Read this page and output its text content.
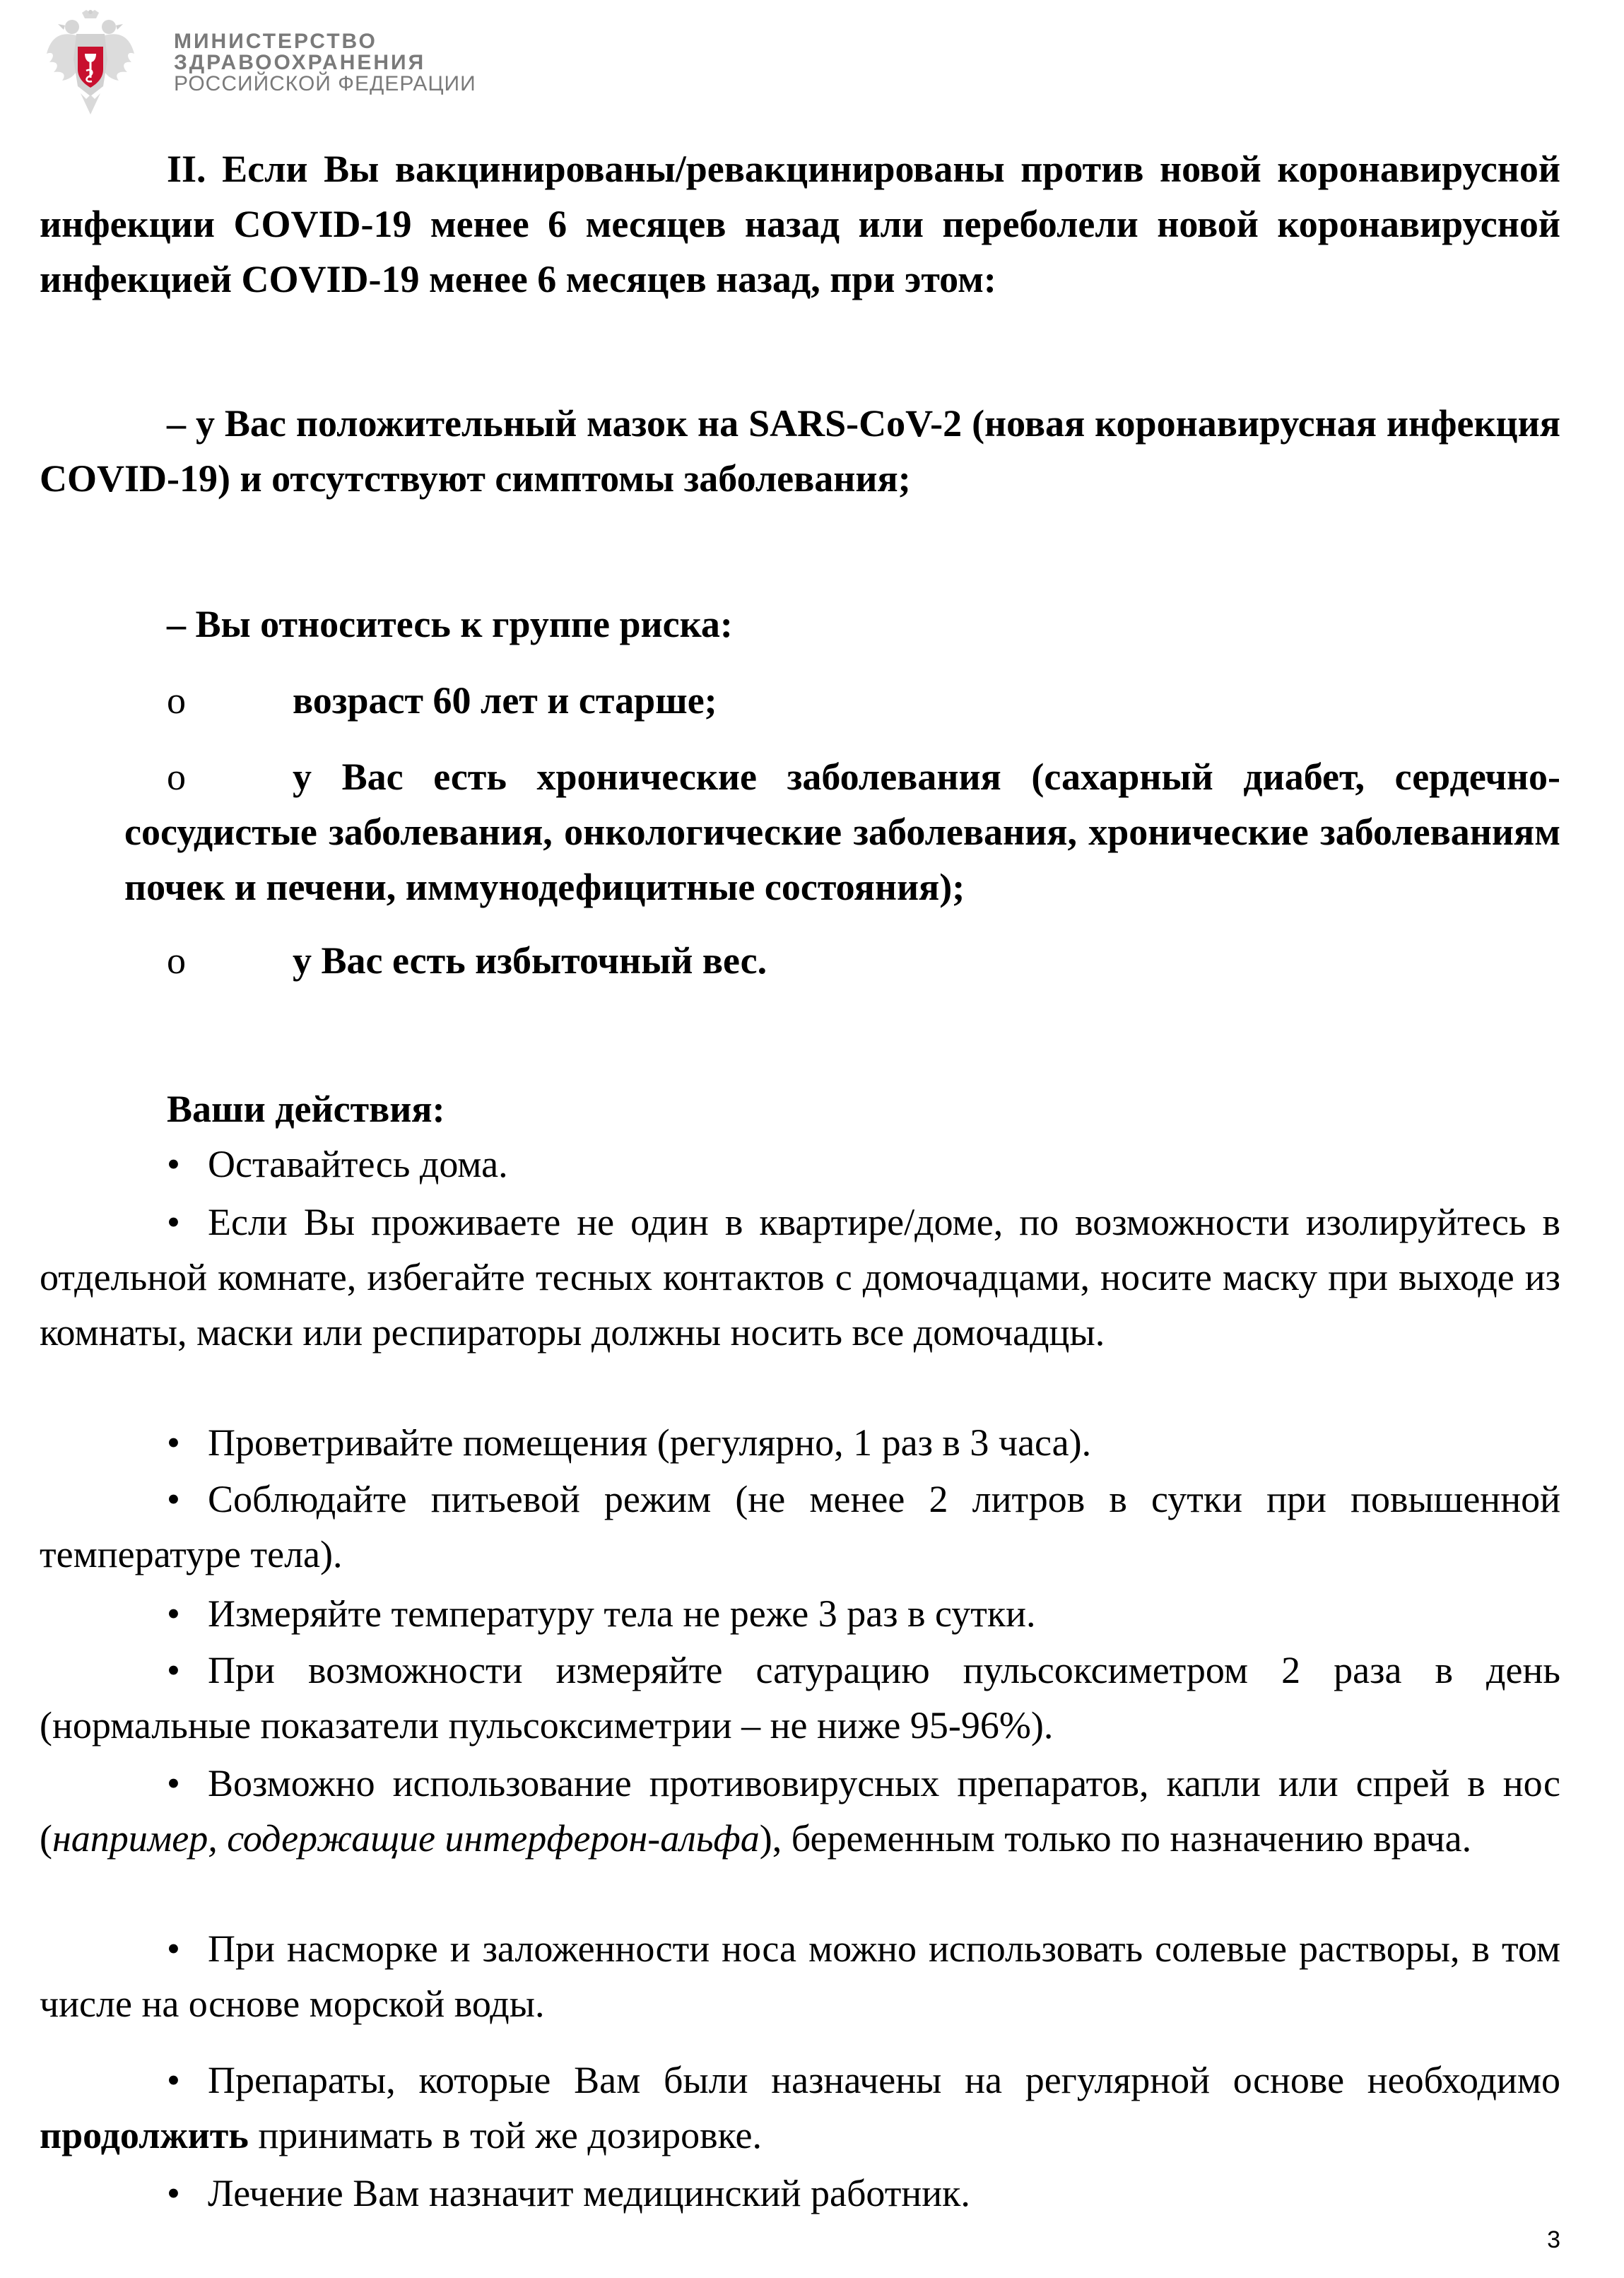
МИНИСТЕРСТВО
ЗДРАВООХРАНЕНИЯ
РОССИЙСКОЙ ФЕДЕРАЦИИ

II. Если Вы вакцинированы/ревакцинированы против новой коронавирусной инфекции COVID-19 менее 6 месяцев назад или переболели новой коронавирусной инфекцией COVID-19 менее 6 месяцев назад, при этом:

– у Вас положительный мазок на SARS-CoV-2 (новая коронавирусная инфекция COVID-19) и отсутствуют симптомы заболевания;

– Вы относитесь к группе риска:

o	возраст 60 лет и старше;

o	у Вас есть хронические заболевания (сахарный диабет, сердечно-сосудистые заболевания, онкологические заболевания, хронические заболеваниям почек и печени, иммунодефицитные состояния);

o	у Вас есть избыточный вес.

Ваши действия:

• Оставайтесь дома.

• Если Вы проживаете не один в квартире/доме, по возможности изолируйтесь в отдельной комнате, избегайте тесных контактов с домочадцами, носите маску при выходе из комнаты, маски или респираторы должны носить все домочадцы.

• Проветривайте помещения (регулярно, 1 раз в 3 часа).

• Соблюдайте питьевой режим (не менее 2 литров в сутки при повышенной температуре тела).

• Измеряйте температуру тела не реже 3 раз в сутки.

• При возможности измеряйте сатурацию пульсоксиметром 2 раза в день (нормальные показатели пульсоксиметрии – не ниже 95-96%).

• Возможно использование противовирусных препаратов, капли или спрей в нос (например, содержащие интерферон-альфа), беременным только по назначению врача.

• При насморке и заложенности носа можно использовать солевые растворы, в том числе на основе морской воды.

• Препараты, которые Вам были назначены на регулярной основе необходимо продолжить принимать в той же дозировке.

• Лечение Вам назначит медицинский работник.

3
